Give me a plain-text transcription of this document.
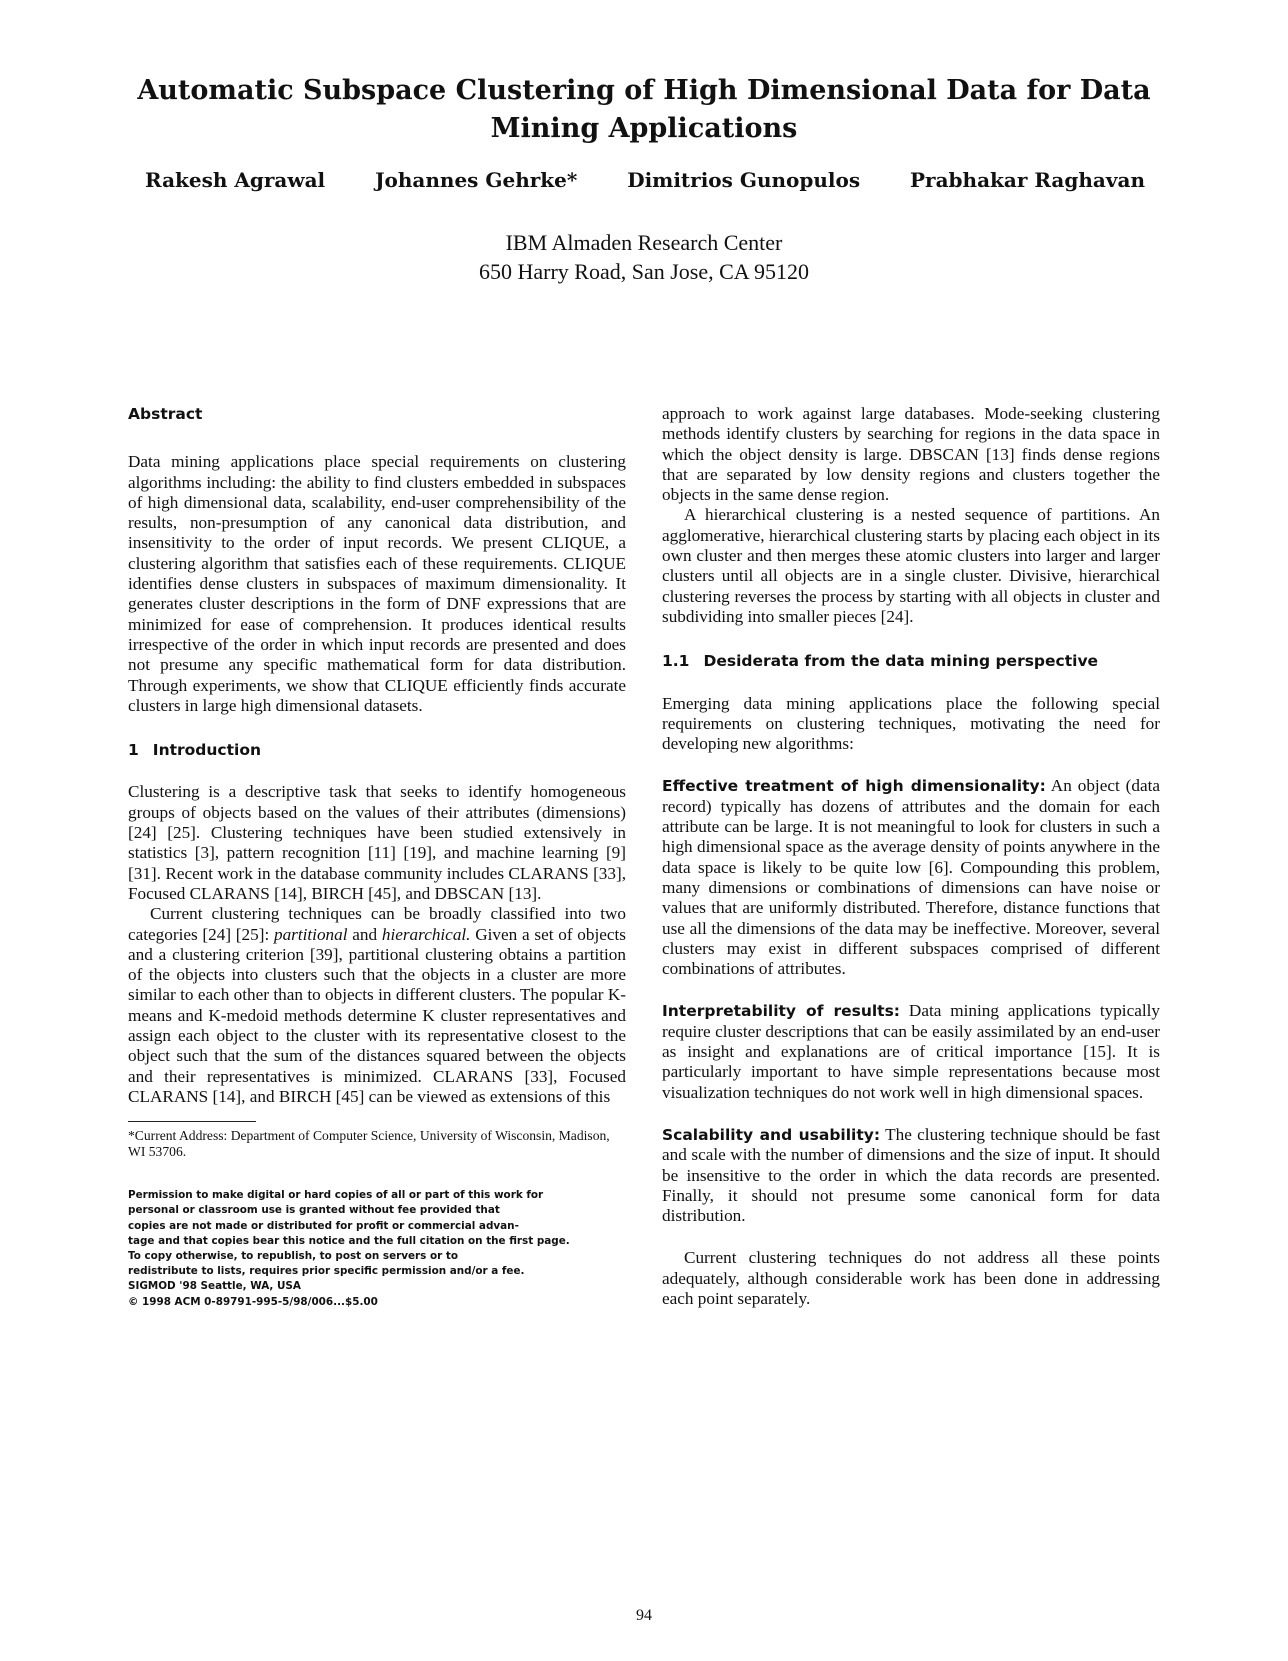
Automatic Subspace Clustering of High Dimensional Data for Data Mining Applications
Rakesh Agrawal Johannes Gehrke* Dimitrios Gunopulos Prabhakar Raghavan
IBM Almaden Research Center
650 Harry Road, San Jose, CA 95120
Abstract

Data mining applications place special requirements on clustering algorithms including: the ability to find clusters embedded in subspaces of high dimensional data, scalability, end-user comprehensibility of the results, non-presumption of any canonical data distribution, and insensitivity to the order of input records. We present CLIQUE, a clustering algorithm that satisfies each of these requirements. CLIQUE identifies dense clusters in subspaces of maximum dimensionality. It generates cluster descriptions in the form of DNF expressions that are minimized for ease of comprehension. It produces identical results irrespective of the order in which input records are presented and does not presume any specific mathematical form for data distribution. Through experiments, we show that CLIQUE efficiently finds accurate clusters in large high dimensional datasets.

1 Introduction

Clustering is a descriptive task that seeks to identify homogeneous groups of objects based on the values of their attributes (dimensions) [24] [25]. Clustering techniques have been studied extensively in statistics [3], pattern recognition [11] [19], and machine learning [9] [31]. Recent work in the database community includes CLARANS [33], Focused CLARANS [14], BIRCH [45], and DBSCAN [13].

Current clustering techniques can be broadly classified into two categories [24] [25]: partitional and hierarchical. Given a set of objects and a clustering criterion [39], partitional clustering obtains a partition of the objects into clusters such that the objects in a cluster are more similar to each other than to objects in different clusters. The popular K-means and K-medoid methods determine K cluster representatives and assign each object to the cluster with its representative closest to the object such that the sum of the distances squared between the objects and their representatives is minimized. CLARANS [33], Focused CLARANS [14], and BIRCH [45] can be viewed as extensions of this

*Current Address: Department of Computer Science, University of Wisconsin, Madison, WI 53706.
Permission to make digital or hard copies of all or part of this work for
personal or classroom use is granted without fee provided that
copies are not made or distributed for profit or commercial advan-
tage and that copies bear this notice and the full citation on the first page.
To copy otherwise, to republish, to post on servers or to
redistribute to lists, requires prior specific permission and/or a fee.
SIGMOD '98 Seattle, WA, USA
© 1998 ACM 0-89791-995-5/98/006...$5.00

approach to work against large databases. Mode-seeking clustering methods identify clusters by searching for regions in the data space in which the object density is large. DBSCAN [13] finds dense regions that are separated by low density regions and clusters together the objects in the same dense region.

A hierarchical clustering is a nested sequence of partitions. An agglomerative, hierarchical clustering starts by placing each object in its own cluster and then merges these atomic clusters into larger and larger clusters until all objects are in a single cluster. Divisive, hierarchical clustering reverses the process by starting with all objects in cluster and subdividing into smaller pieces [24].

1.1 Desiderata from the data mining perspective

Emerging data mining applications place the following special requirements on clustering techniques, motivating the need for developing new algorithms:

Effective treatment of high dimensionality: An object (data record) typically has dozens of attributes and the domain for each attribute can be large. It is not meaningful to look for clusters in such a high dimensional space as the average density of points anywhere in the data space is likely to be quite low [6]. Compounding this problem, many dimensions or combinations of dimensions can have noise or values that are uniformly distributed. Therefore, distance functions that use all the dimensions of the data may be ineffective. Moreover, several clusters may exist in different subspaces comprised of different combinations of attributes.

Interpretability of results: Data mining applications typically require cluster descriptions that can be easily assimilated by an end-user as insight and explanations are of critical importance [15]. It is particularly important to have simple representations because most visualization techniques do not work well in high dimensional spaces.

Scalability and usability: The clustering technique should be fast and scale with the number of dimensions and the size of input. It should be insensitive to the order in which the data records are presented. Finally, it should not presume some canonical form for data distribution.

Current clustering techniques do not address all these points adequately, although considerable work has been done in addressing each point separately.

94
